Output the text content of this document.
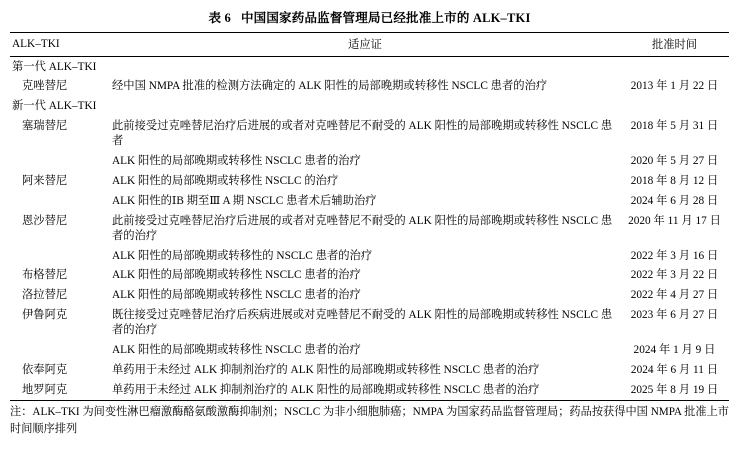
表 6 中国国家药品监督管理局已经批准上市的 ALK–TKI
ALK–TKI	适应证	批准时间
第一代 ALK–TKI		
克唑替尼	经中国 NMPA 批准的检测方法确定的 ALK 阳性的局部晚期或转移性 NSCLC 患者的治疗	2013 年 1 月 22 日
新一代 ALK–TKI		
塞瑞替尼	此前接受过克唑替尼治疗后进展的或者对克唑替尼不耐受的 ALK 阳性的局部晚期或转移性 NSCLC 患者	2018 年 5 月 31 日
	ALK 阳性的局部晚期或转移性 NSCLC 患者的治疗	2020 年 5 月 27 日
阿来替尼	ALK 阳性的局部晚期或转移性 NSCLC 的治疗	2018 年 8 月 12 日
	ALK 阳性的ⅠB 期至Ⅲ A 期 NSCLC 患者术后辅助治疗	2024 年 6 月 28 日
恩沙替尼	此前接受过克唑替尼治疗后进展的或者对克唑替尼不耐受的 ALK 阳性的局部晚期或转移性 NSCLC 患者的治疗	2020 年 11 月 17 日
	ALK 阳性的局部晚期或转移性的 NSCLC 患者的治疗	2022 年 3 月 16 日
布格替尼	ALK 阳性的局部晚期或转移性 NSCLC 患者的治疗	2022 年 3 月 22 日
洛拉替尼	ALK 阳性的局部晚期或转移性 NSCLC 患者的治疗	2022 年 4 月 27 日
伊鲁阿克	既往接受过克唑替尼治疗后疾病进展或对克唑替尼不耐受的 ALK 阳性的局部晚期或转移性 NSCLC 患者的治疗	2023 年 6 月 27 日
	ALK 阳性的局部晚期或转移性 NSCLC 患者的治疗	2024 年 1 月 9 日
依奉阿克	单药用于未经过 ALK 抑制剂治疗的 ALK 阳性的局部晚期或转移性 NSCLC 患者的治疗	2024 年 6 月 11 日
地罗阿克	单药用于未经过 ALK 抑制剂治疗的 ALK 阳性的局部晚期或转移性 NSCLC 患者的治疗	2025 年 8 月 19 日
注：ALK–TKI 为间变性淋巴瘤激酶酪氨酸激酶抑制剂；NSCLC 为非小细胞肺癌；NMPA 为国家药品监督管理局；药品按获得中国 NMPA 批准上市时间顺序排列
